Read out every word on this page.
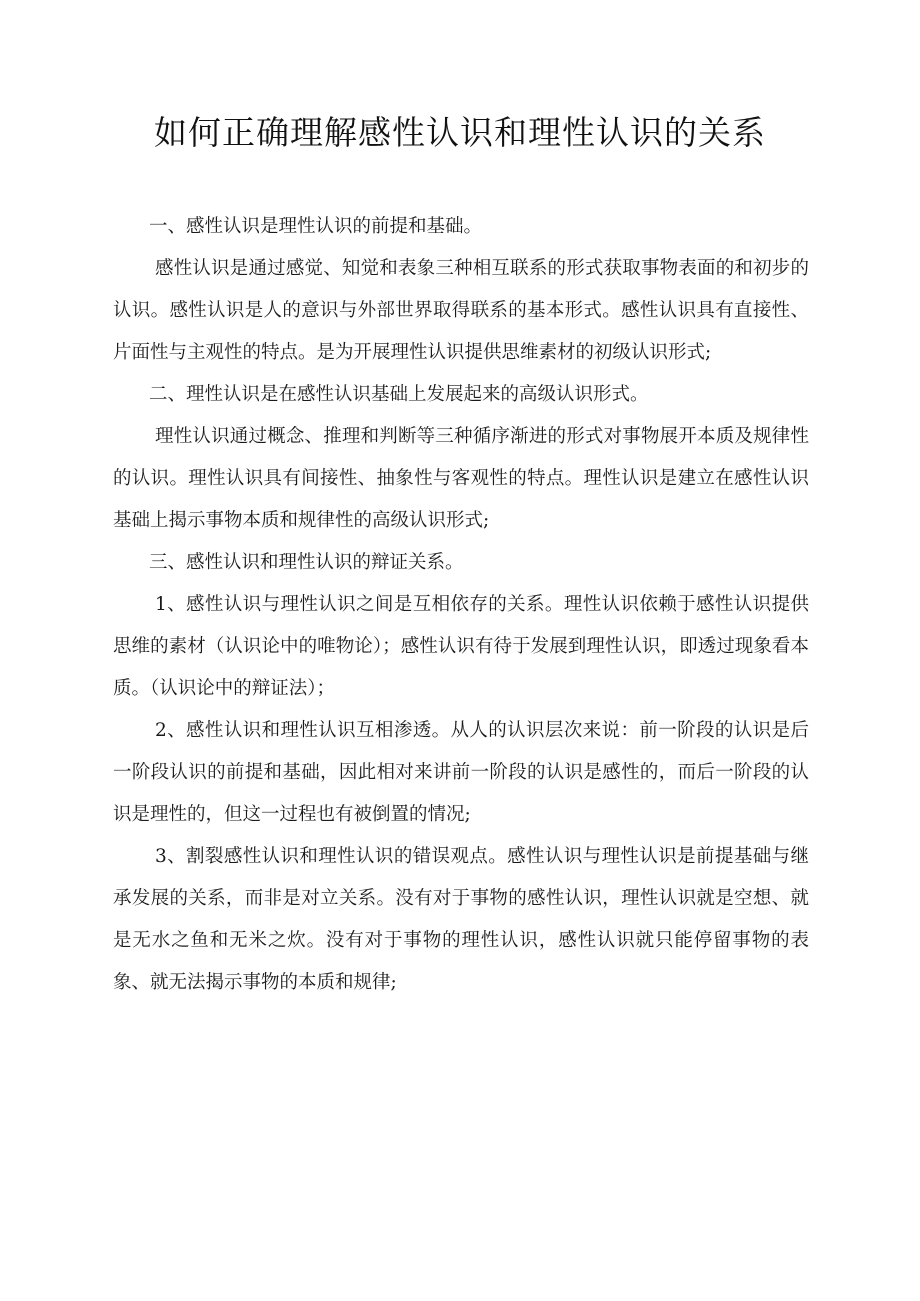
如何正确理解感性认识和理性认识的关系

一、感性认识是理性认识的前提和基础。

感性认识是通过感觉、知觉和表象三种相互联系的形式获取事物表面的和初步的认识。感性认识是人的意识与外部世界取得联系的基本形式。感性认识具有直接性、片面性与主观性的特点。是为开展理性认识提供思维素材的初级认识形式;

二、理性认识是在感性认识基础上发展起来的高级认识形式。

理性认识通过概念、推理和判断等三种循序渐进的形式对事物展开本质及规律性的认识。理性认识具有间接性、抽象性与客观性的特点。理性认识是建立在感性认识基础上揭示事物本质和规律性的高级认识形式;

三、感性认识和理性认识的辩证关系。

1、感性认识与理性认识之间是互相依存的关系。理性认识依赖于感性认识提供思维的素材（认识论中的唯物论）；感性认识有待于发展到理性认识，即透过现象看本质。（认识论中的辩证法）；

2、感性认识和理性认识互相渗透。从人的认识层次来说：前一阶段的认识是后一阶段认识的前提和基础，因此相对来讲前一阶段的认识是感性的，而后一阶段的认识是理性的，但这一过程也有被倒置的情况;

3、割裂感性认识和理性认识的错误观点。感性认识与理性认识是前提基础与继承发展的关系，而非是对立关系。没有对于事物的感性认识，理性认识就是空想、就是无水之鱼和无米之炊。没有对于事物的理性认识，感性认识就只能停留事物的表象、就无法揭示事物的本质和规律;
